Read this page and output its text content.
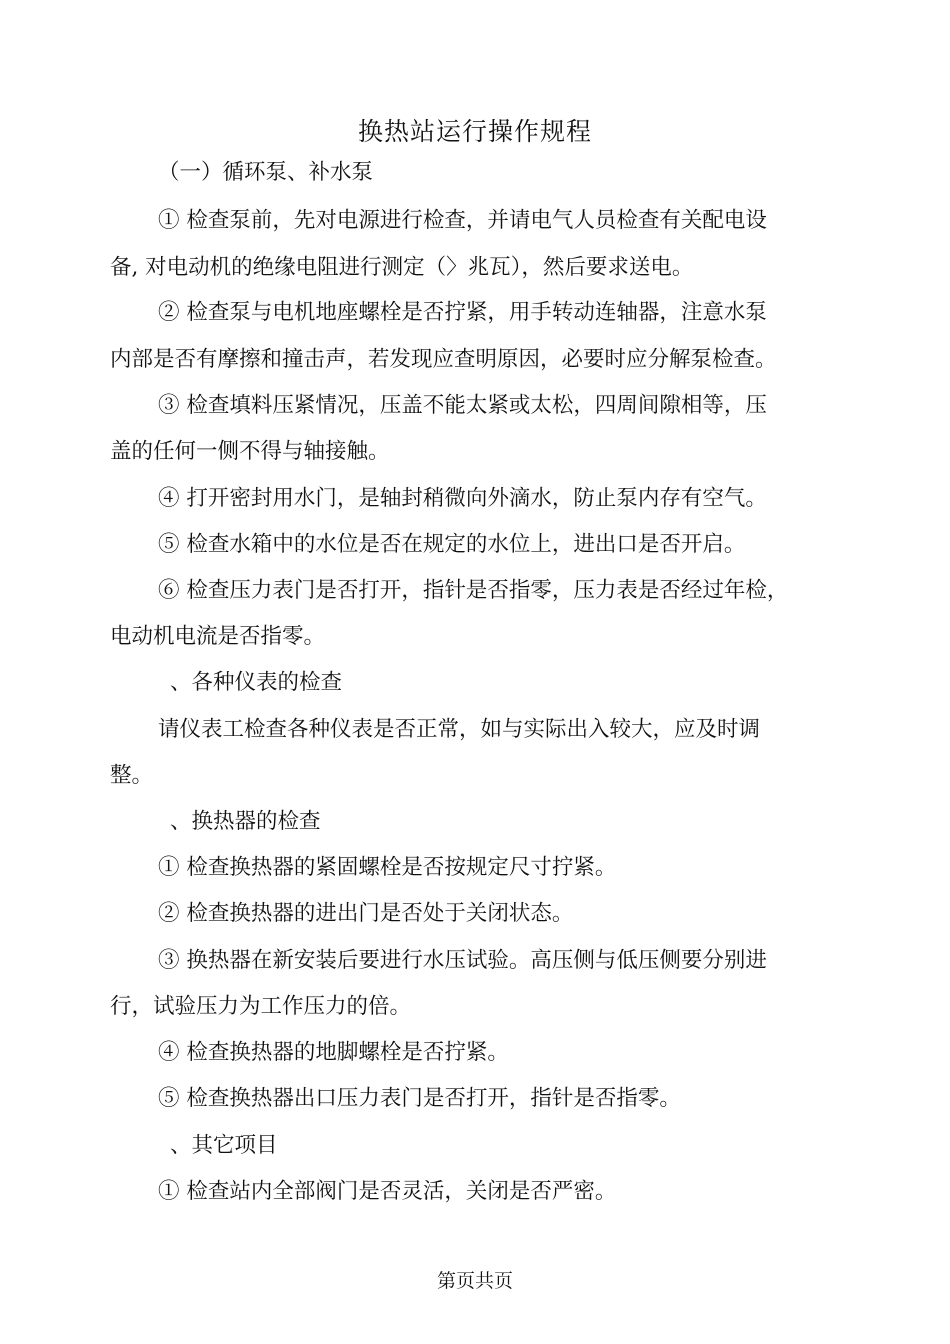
换热站运行操作规程
（一）循环泵、补水泵
① 检查泵前，先对电源进行检查，并请电气人员检查有关配电设
备, 对电动机的绝缘电阻进行测定（〉兆瓦），然后要求送电。
② 检查泵与电机地座螺栓是否拧紧，用手转动连轴器，注意水泵
内部是否有摩擦和撞击声，若发现应查明原因，必要时应分解泵检查。
③ 检查填料压紧情况，压盖不能太紧或太松，四周间隙相等，压
盖的任何一侧不得与轴接触。
④ 打开密封用水门，是轴封稍微向外滴水，防止泵内存有空气。
⑤ 检查水箱中的水位是否在规定的水位上，进出口是否开启。
⑥ 检查压力表门是否打开，指针是否指零，压力表是否经过年检，
电动机电流是否指零。
、各种仪表的检查
请仪表工检查各种仪表是否正常，如与实际出入较大，应及时调
整。
、换热器的检查
① 检查换热器的紧固螺栓是否按规定尺寸拧紧。
② 检查换热器的进出门是否处于关闭状态。
③ 换热器在新安装后要进行水压试验。高压侧与低压侧要分别进
行，试验压力为工作压力的倍。
④ 检查换热器的地脚螺栓是否拧紧。
⑤ 检查换热器出口压力表门是否打开，指针是否指零。
、其它项目
① 检查站内全部阀门是否灵活，关闭是否严密。
第页共页
